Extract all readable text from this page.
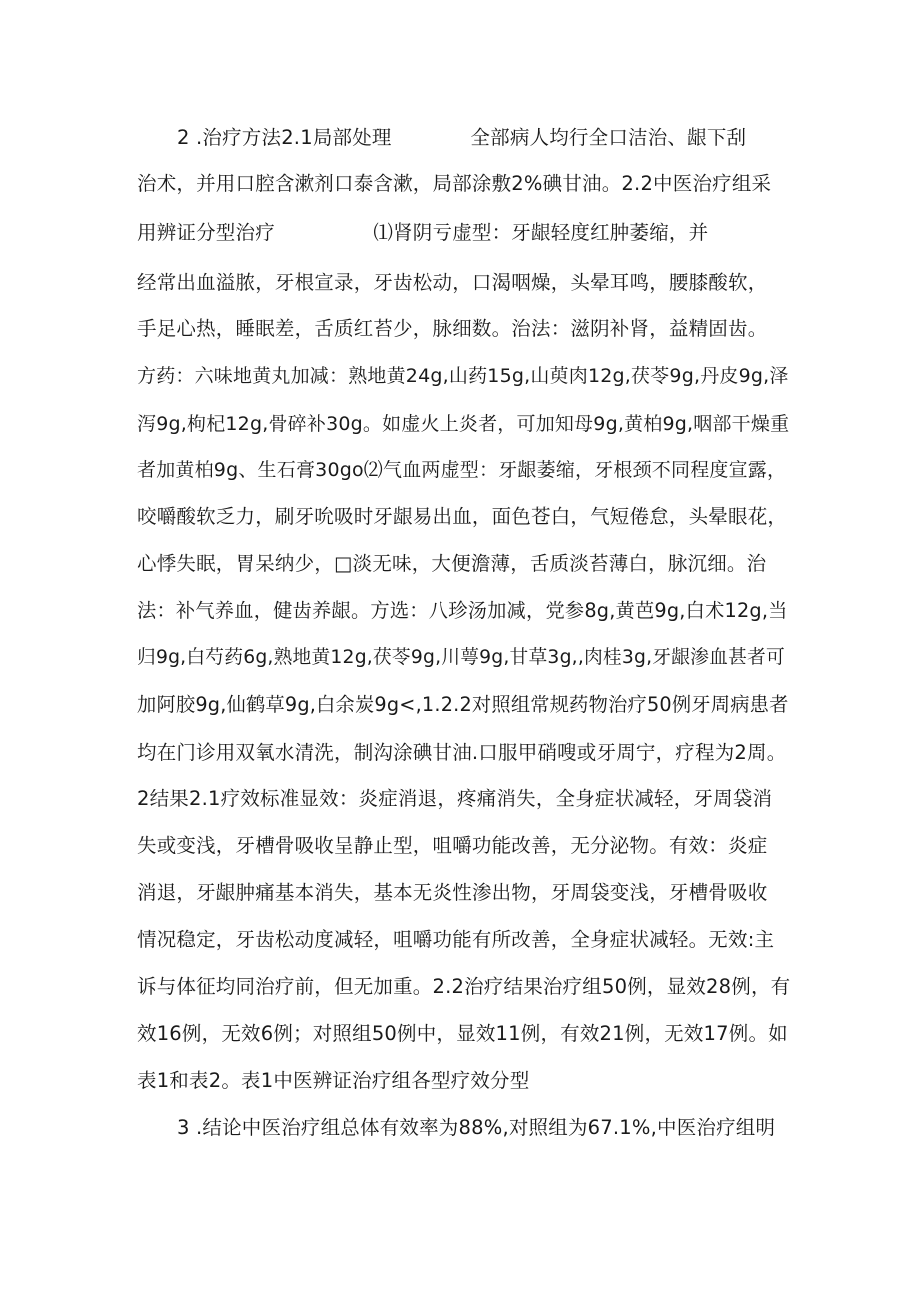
2 .治疗方法2.1局部处理　　　　全部病人均行全口洁治、龈下刮

治术，并用口腔含漱剂口泰含漱，局部涂敷2%碘甘油。2.2中医治疗组采

用辨证分型治疗　　　　　⑴肾阴亏虚型：牙龈轻度红肿萎缩，并

经常出血溢脓，牙根宣录，牙齿松动，口渴咽燥，头晕耳鸣，腰膝酸软，

手足心热，睡眠差，舌质红苔少，脉细数。治法：滋阴补肾，益精固齿。

方药：六味地黄丸加减：熟地黄24g,山药15g,山萸肉12g,茯苓9g,丹皮9g,泽

泻9g,枸杞12g,骨碎补30g。如虚火上炎者，可加知母9g,黄柏9g,咽部干燥重

者加黄柏9g、生石膏30go⑵气血两虚型：牙龈萎缩，牙根颈不同程度宣露，

咬嚼酸软乏力，刷牙吮吸时牙龈易出血，面色苍白，气短倦怠，头晕眼花，

心悸失眠，胃呆纳少，□淡无味，大便澹薄，舌质淡苔薄白，脉沉细。治

法：补气养血，健齿养龈。方选：八珍汤加减，党参8g,黄芭9g,白术12g,当

归9g,白芍药6g,熟地黄12g,茯苓9g,川萼9g,甘草3g,,肉桂3g,牙龈渗血甚者可

加阿胶9g,仙鹤草9g,白余炭9g<,1.2.2对照组常规药物治疗50例牙周病患者

均在门诊用双氧水清洗，制沟涂碘甘油.口服甲硝嗖或牙周宁，疗程为2周。

2结果2.1疗效标准显效：炎症消退，疼痛消失，全身症状减轻，牙周袋消

失或变浅，牙槽骨吸收呈静止型，咀嚼功能改善，无分泌物。有效：炎症

消退，牙龈肿痛基本消失，基本无炎性渗出物，牙周袋变浅，牙槽骨吸收

情况稳定，牙齿松动度减轻，咀嚼功能有所改善，全身症状减轻。无效:主

诉与体征均同治疗前，但无加重。2.2治疗结果治疗组50例，显效28例，有

效16例，无效6例；对照组50例中，显效11例，有效21例，无效17例。如

表1和表2。表1中医辨证治疗组各型疗效分型

3 .结论中医治疗组总体有效率为88%,对照组为67.1%,中医治疗组明
